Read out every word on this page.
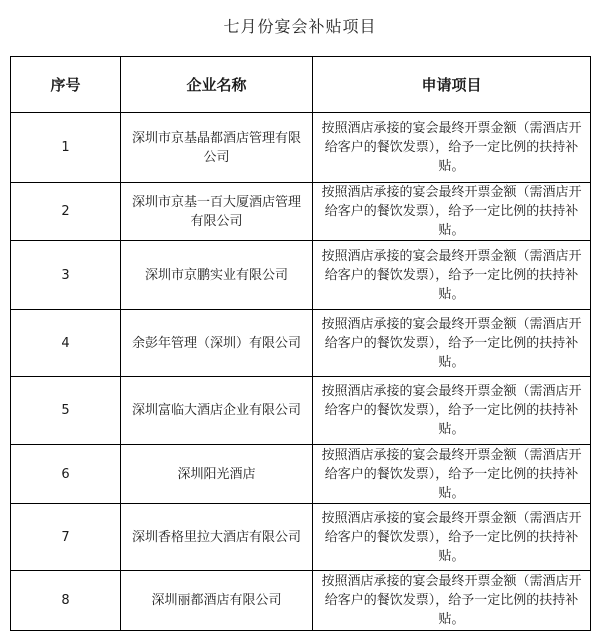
七月份宴会补贴项目
序号	企业名称	申请项目
1	深圳市京基晶都酒店管理有限公司	按照酒店承接的宴会最终开票金额（需酒店开给客户的餐饮发票），给予一定比例的扶持补贴。
2	深圳市京基一百大厦酒店管理有限公司	按照酒店承接的宴会最终开票金额（需酒店开给客户的餐饮发票），给予一定比例的扶持补贴。
3	深圳市京鹏实业有限公司	按照酒店承接的宴会最终开票金额（需酒店开给客户的餐饮发票），给予一定比例的扶持补贴。
4	余彭年管理（深圳）有限公司	按照酒店承接的宴会最终开票金额（需酒店开给客户的餐饮发票），给予一定比例的扶持补贴。
5	深圳富临大酒店企业有限公司	按照酒店承接的宴会最终开票金额（需酒店开给客户的餐饮发票），给予一定比例的扶持补贴。
6	深圳阳光酒店	按照酒店承接的宴会最终开票金额（需酒店开给客户的餐饮发票），给予一定比例的扶持补贴。
7	深圳香格里拉大酒店有限公司	按照酒店承接的宴会最终开票金额（需酒店开给客户的餐饮发票），给予一定比例的扶持补贴。
8	深圳丽都酒店有限公司	按照酒店承接的宴会最终开票金额（需酒店开给客户的餐饮发票），给予一定比例的扶持补贴。
